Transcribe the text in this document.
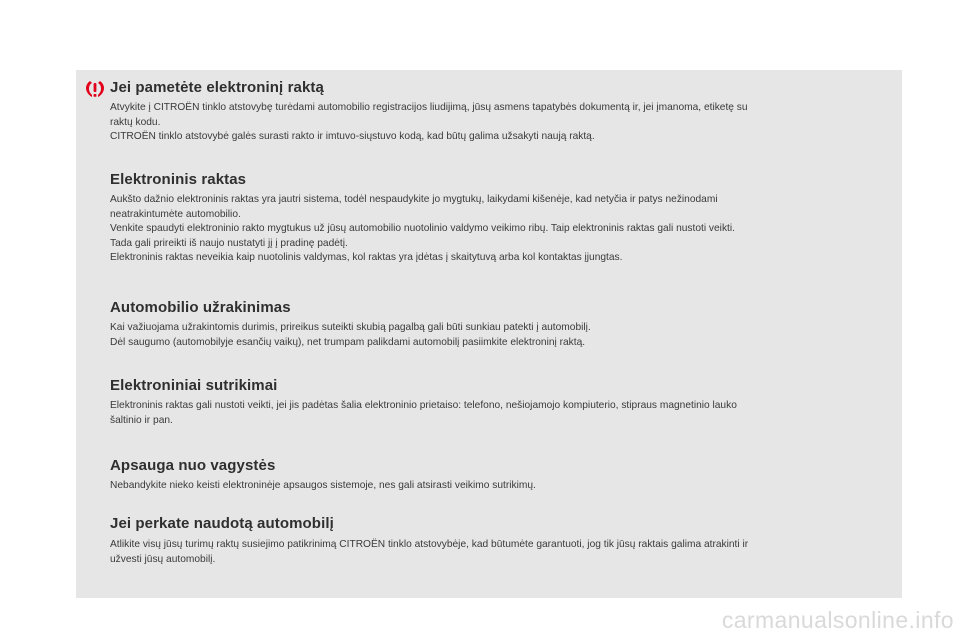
Jei pametėte elektroninį raktą

Atvykite į CITROËN tinklo atstovybę turėdami automobilio registracijos liudijimą, jūsų asmens tapatybės dokumentą ir, jei įmanoma, etiketę su

raktų kodu.

CITROËN tinklo atstovybė galės surasti rakto ir imtuvo-siųstuvo kodą, kad būtų galima užsakyti naują raktą.

Elektroninis raktas

Aukšto dažnio elektroninis raktas yra jautri sistema, todėl nespaudykite jo mygtukų, laikydami kišenėje, kad netyčia ir patys nežinodami

neatrakintumėte automobilio.

Venkite spaudyti elektroninio rakto mygtukus už jūsų automobilio nuotolinio valdymo veikimo ribų. Taip elektroninis raktas gali nustoti veikti.

Tada gali prireikti iš naujo nustatyti jį į pradinę padėtį.

Elektroninis raktas neveikia kaip nuotolinis valdymas, kol raktas yra įdėtas į skaitytuvą arba kol kontaktas įjungtas.

Automobilio užrakinimas

Kai važiuojama užrakintomis durimis, prireikus suteikti skubią pagalbą gali būti sunkiau patekti į automobilį.

Dėl saugumo (automobilyje esančių vaikų), net trumpam palikdami automobilį pasiimkite elektroninį raktą.

Elektroniniai sutrikimai

Elektroninis raktas gali nustoti veikti, jei jis padėtas šalia elektroninio prietaiso: telefono, nešiojamojo kompiuterio, stipraus magnetinio lauko

šaltinio ir pan.

Apsauga nuo vagystės

Nebandykite nieko keisti elektroninėje apsaugos sistemoje, nes gali atsirasti veikimo sutrikimų.

Jei perkate naudotą automobilį

Atlikite visų jūsų turimų raktų susiejimo patikrinimą CITROËN tinklo atstovybėje, kad būtumėte garantuoti, jog tik jūsų raktais galima atrakinti ir

užvesti jūsų automobilį.

carmanualsonline.info
